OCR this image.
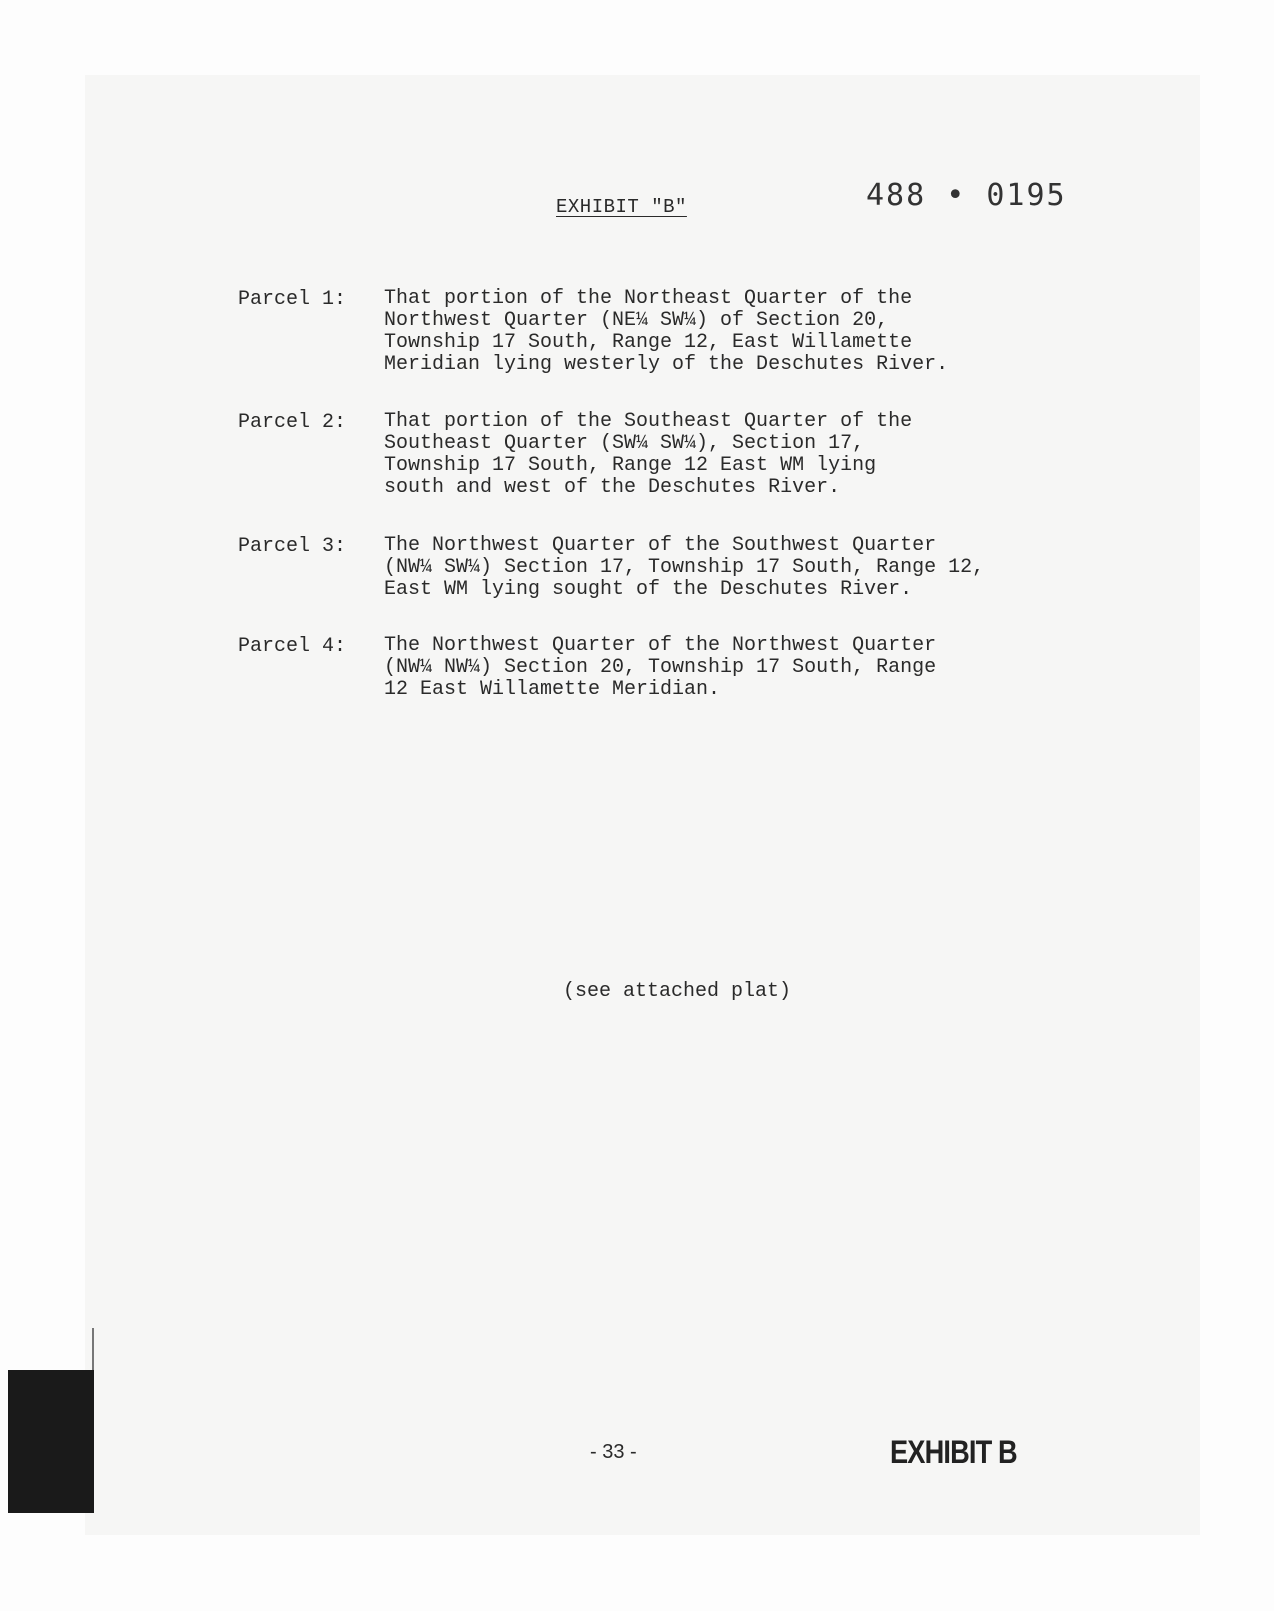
EXHIBIT "B"	488 • 0195
Parcel 1: That portion of the Northeast Quarter of the
Northwest Quarter (NE¼ SW¼) of Section 20,
Township 17 South, Range 12, East Willamette
Meridian lying westerly of the Deschutes River.
Parcel 2: That portion of the Southeast Quarter of the
Southeast Quarter (SW¼ SW¼), Section 17,
Township 17 South, Range 12 East WM lying
south and west of the Deschutes River.
Parcel 3: The Northwest Quarter of the Southwest Quarter
(NW¼ SW¼) Section 17, Township 17 South, Range 12,
East WM lying sought of the Deschutes River.
Parcel 4: The Northwest Quarter of the Northwest Quarter
(NW¼ NW¼) Section 20, Township 17 South, Range
12 East Willamette Meridian.
(see attached plat)
- 33 -	EXHIBIT B
